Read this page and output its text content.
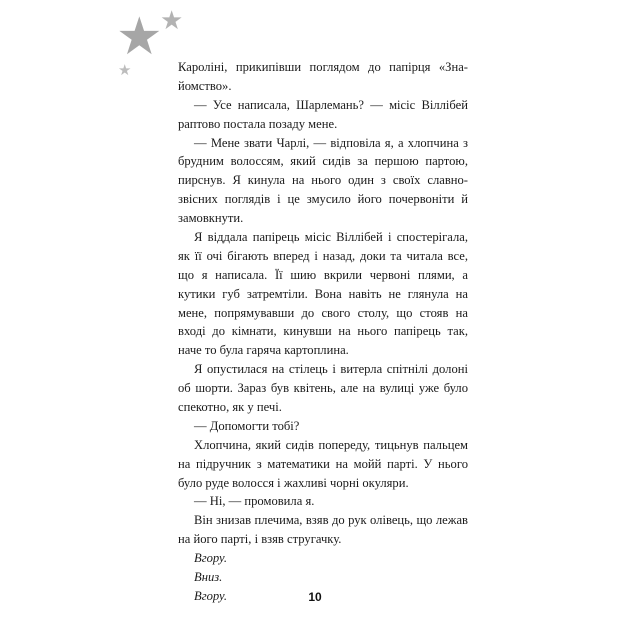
★
★
★	Кароліні, прикипівши поглядом до папірця «Знайомство».

— Усе написала, Шарлемань? — місіс Віллібей раптово постала позаду мене.

— Мене звати Чарлі, — відповіла я, а хлопчина з брудним волоссям, який сидів за першою партою, пирснув. Я кинула на нього один з своїх славнозвісних поглядів і це змусило його почервоніти й замовкнути.

Я віддала папірець місіс Віллібей і спостерігала, як її очі бігають вперед і назад, доки та читала все, що я написала. Її шию вкрили червоні плями, а кутики губ затремтіли. Вона навіть не глянула на мене, попрямувавши до свого столу, що стояв на вході до кімнати, кинувши на нього папірець так, наче то була гаряча картоплина.

Я опустилася на стілець і витерла спітнілі долоні об шорти. Зараз був квітень, але на вулиці уже було спекотно, як у печі.

— Допомогти тобі?

Хлопчина, який сидів попереду, тицьнув пальцем на підручник з математики на мойй парті. У нього було руде волосся і жахливі чорні окуляри.

— Ні, — промовила я.

Він знизав плечима, взяв до рук олівець, що лежав на його парті, і взяв стругачку.

Вгору.

Вниз.

Вгору.	10
